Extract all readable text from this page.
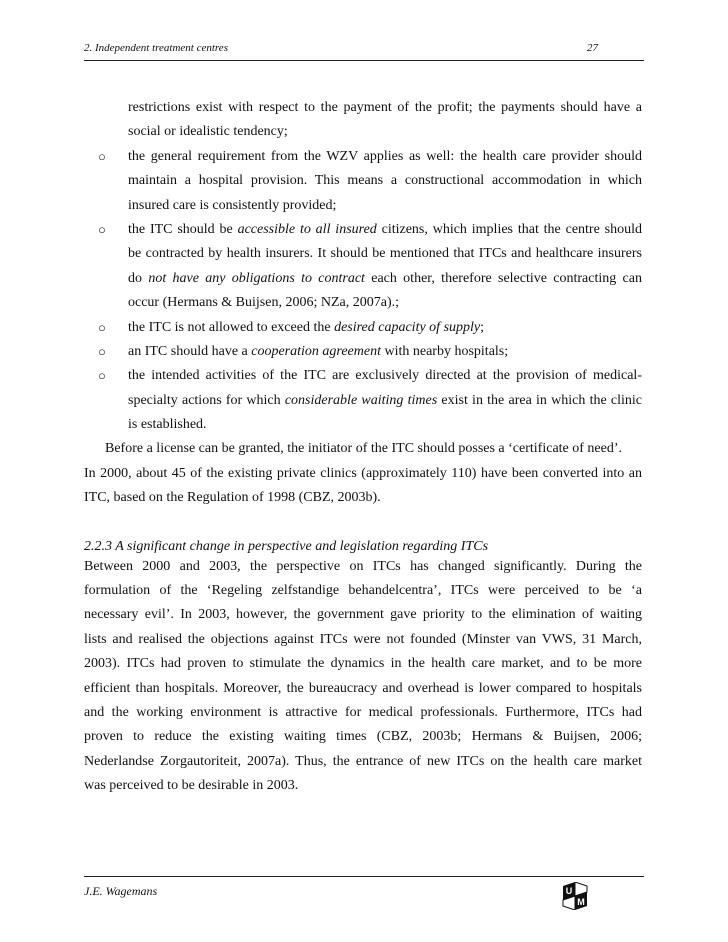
2. Independent treatment centres	27
restrictions exist with respect to the payment of the profit; the payments should have a
social or idealistic tendency;
○	the general requirement from the WZV applies as well: the health care provider should
maintain a hospital provision. This means a constructional accommodation in which
insured care is consistently provided;
○	the ITC should be accessible to all insured citizens, which implies that the centre should
be contracted by health insurers. It should be mentioned that ITCs and healthcare insurers
do not have any obligations to contract each other, therefore selective contracting can
occur (Hermans & Buijsen, 2006; NZa, 2007a).;
○	the ITC is not allowed to exceed the desired capacity of supply;
○	an ITC should have a cooperation agreement with nearby hospitals;
○	the intended activities of the ITC are exclusively directed at the provision of medical-
specialty actions for which considerable waiting times exist in the area in which the clinic
is established.
Before a license can be granted, the initiator of the ITC should posses a ‘certificate of need’.
In 2000, about 45 of the existing private clinics (approximately 110) have been converted into an
ITC, based on the Regulation of 1998 (CBZ, 2003b).
2.2.3 A significant change in perspective and legislation regarding ITCs
Between 2000 and 2003, the perspective on ITCs has changed significantly. During the
formulation of the ‘Regeling zelfstandige behandelcentra’, ITCs were perceived to be ‘a
necessary evil’. In 2003, however, the government gave priority to the elimination of waiting
lists and realised the objections against ITCs were not founded (Minster van VWS, 31 March,
2003). ITCs had proven to stimulate the dynamics in the health care market, and to be more
efficient than hospitals. Moreover, the bureaucracy and overhead is lower compared to hospitals
and the working environment is attractive for medical professionals. Furthermore, ITCs had
proven to reduce the existing waiting times (CBZ, 2003b; Hermans & Buijsen, 2006;
Nederlandse Zorgautoriteit, 2007a). Thus, the entrance of new ITCs on the health care market
was perceived to be desirable in 2003.
J.E. Wagemans	U
M
